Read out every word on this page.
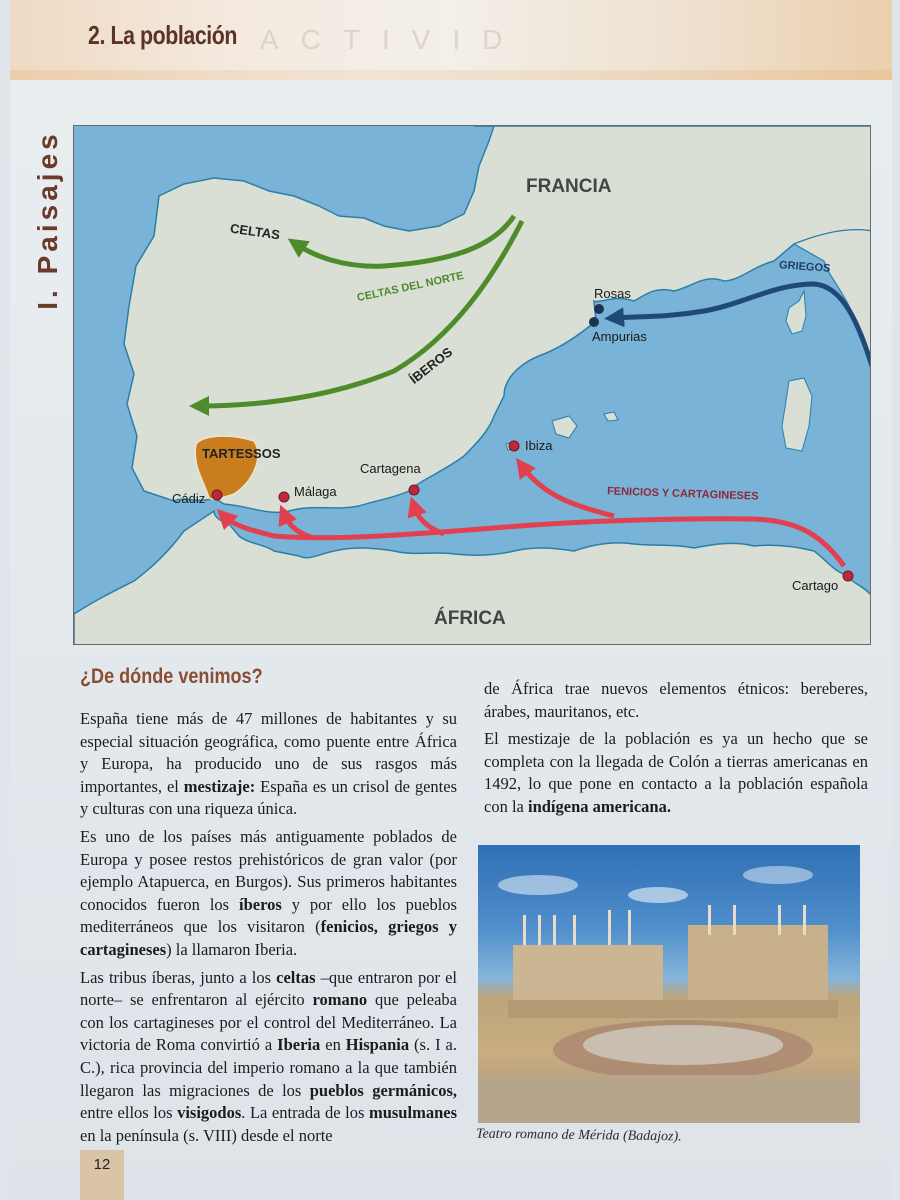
ACTIVID
2. La población
I. Paisajes	FRANCIA
ÁFRICA
CELTAS
CELTAS DEL NORTE
ÍBEROS
TARTESSOS
GRIEGOS
FENICIOS Y CARTAGINESES
Rosas
Ampurias
Ibiza
Cartagena
Málaga
Cádiz
Cartago
¿De dónde venimos?

España tiene más de 47 millones de habitantes y su especial situación geográfica, como puente entre África y Europa, ha producido uno de sus rasgos más importantes, el mestizaje: España es un crisol de gentes y culturas con una riqueza única.

Es uno de los países más antiguamente poblados de Europa y posee restos prehistóricos de gran valor (por ejemplo Atapuerca, en Burgos). Sus primeros habitantes conocidos fueron los íberos y por ello los pueblos mediterráneos que los visitaron (fenicios, griegos y cartagineses) la llamaron Iberia.

Las tribus íberas, junto a los celtas –que entraron por el norte– se enfrentaron al ejército romano que peleaba con los cartagineses por el control del Mediterráneo. La victoria de Roma convirtió a Iberia en Hispania (s. I a. C.), rica provincia del imperio romano a la que también llegaron las migraciones de los pueblos germánicos, entre ellos los visigodos. La entrada de los musulmanes en la península (s. VIII) desde el norte

de África trae nuevos elementos étnicos: bereberes, árabes, mauritanos, etc.

El mestizaje de la población es ya un hecho que se completa con la llegada de Colón a tierras americanas en 1492, lo que pone en contacto a la población española con la indígena americana.

Teatro romano de Mérida (Badajoz).
12
